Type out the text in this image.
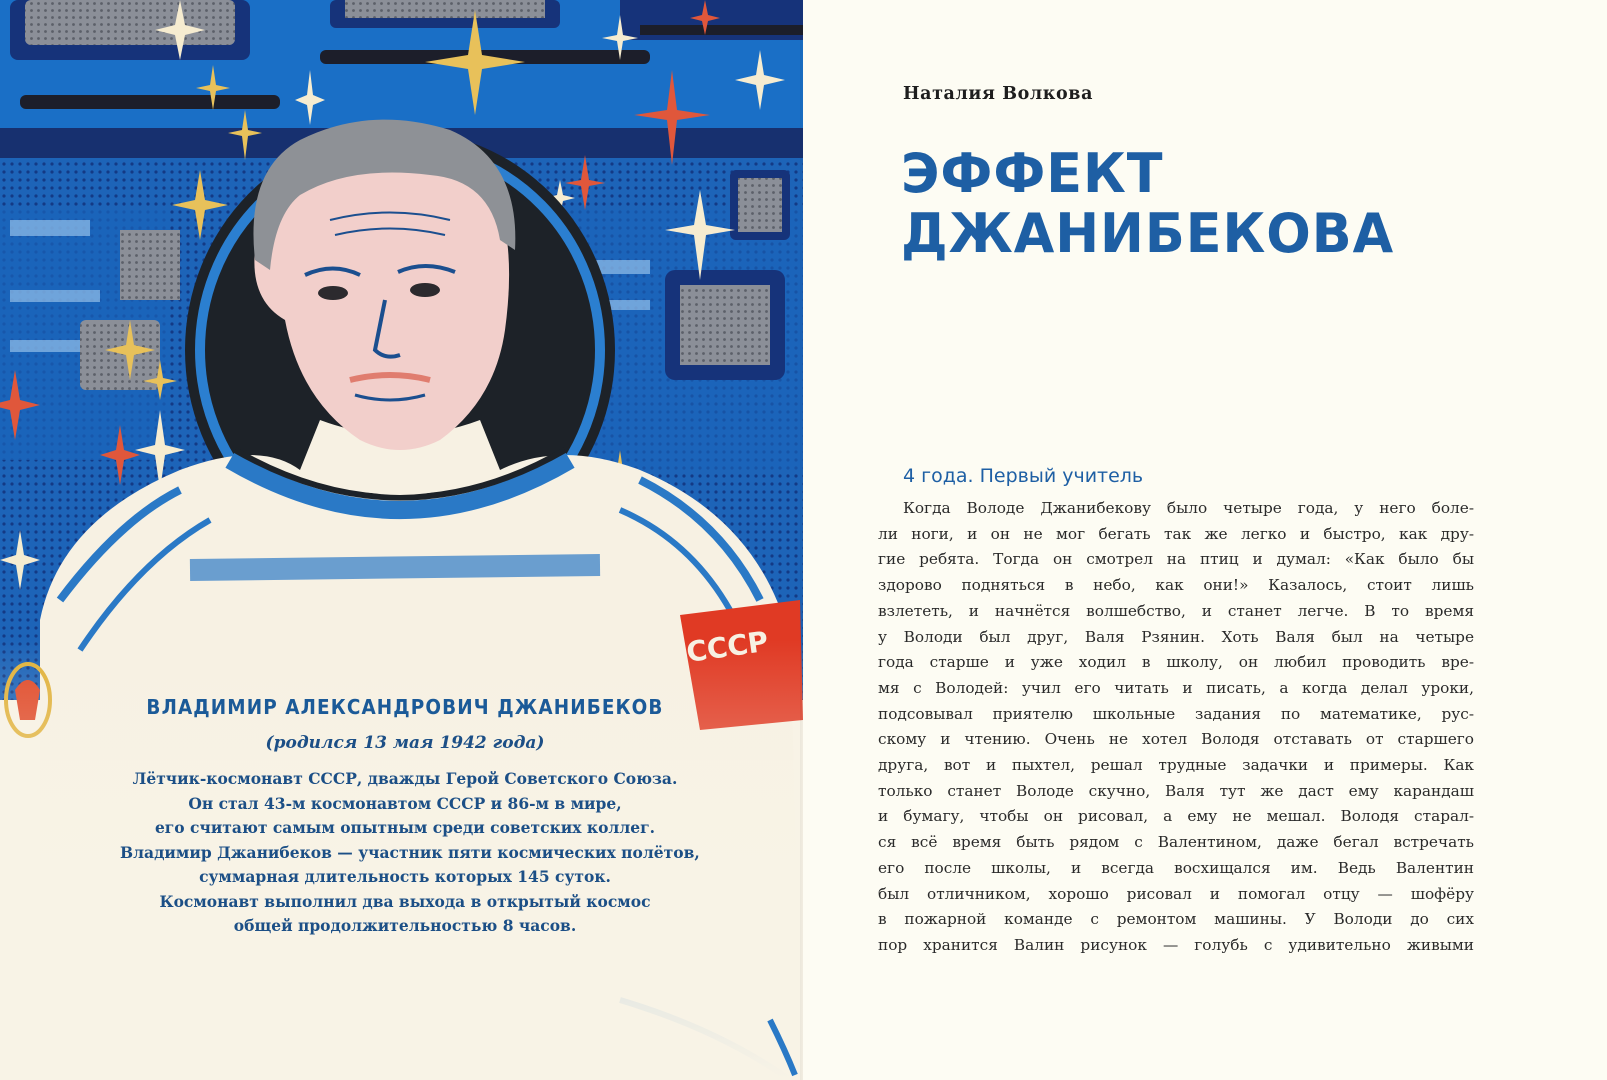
ВЛАДИМИР АЛЕКСАНДРОВИЧ ДЖАНИБЕКОВ
(родился 13 мая 1942 года)
Лётчик-космонавт СССР, дважды Герой Советского Союза.
Он стал 43-м космонавтом СССР и 86-м в мире,
его считают самым опытным среди советских коллег.
Владимир Джанибеков — участник пяти космических полётов,
суммарная длительность которых 145 суток.
Космонавт выполнил два выхода в открытый космос
общей продолжительностью 8 часов.
Наталия Волкова
ЭФФЕКТ
ДЖАНИБЕКОВА
4 года. Первый учитель
Когда Володе Джанибекову было четыре года, у него боле-
ли ноги, и он не мог бегать так же легко и быстро, как дру-
гие ребята. Тогда он смотрел на птиц и думал: «Как было бы
здорово подняться в небо, как они!» Казалось, стоит лишь
взлететь, и начнётся волшебство, и станет легче. В то время
у Володи был друг, Валя Рзянин. Хоть Валя был на четыре
года старше и уже ходил в школу, он любил проводить вре-
мя с Володей: учил его читать и писать, а когда делал уроки,
подсовывал приятелю школьные задания по математике, рус-
скому и чтению. Очень не хотел Володя отставать от старшего
друга, вот и пыхтел, решал трудные задачки и примеры. Как
только станет Володе скучно, Валя тут же даст ему карандаш
и бумагу, чтобы он рисовал, а ему не мешал. Володя старал-
ся всё время быть рядом с Валентином, даже бегал встречать
его после школы, и всегда восхищался им. Ведь Валентин
был отличником, хорошо рисовал и помогал отцу — шофёру
в пожарной команде с ремонтом машины. У Володи до сих
пор хранится Валин рисунок — голубь с удивительно живыми
